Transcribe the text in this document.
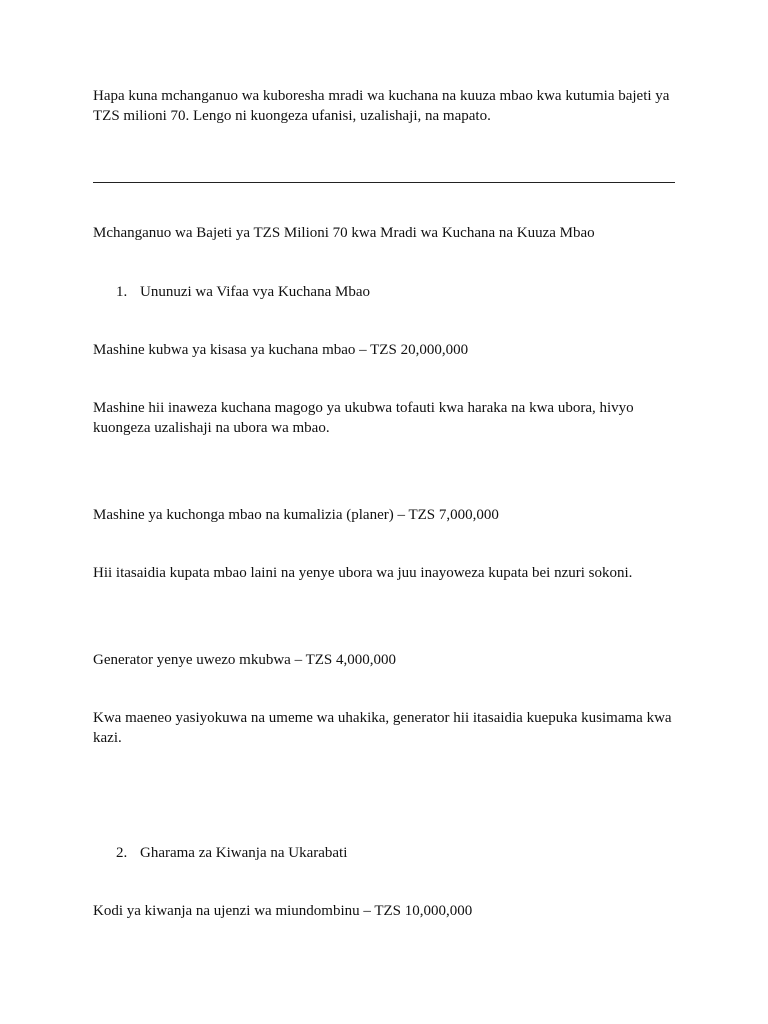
Hapa kuna mchanganuo wa kuboresha mradi wa kuchana na kuuza mbao kwa kutumia bajeti ya TZS milioni 70. Lengo ni kuongeza ufanisi, uzalishaji, na mapato.

Mchanganuo wa Bajeti ya TZS Milioni 70 kwa Mradi wa Kuchana na Kuuza Mbao

1. Ununuzi wa Vifaa vya Kuchana Mbao

Mashine kubwa ya kisasa ya kuchana mbao – TZS 20,000,000

Mashine hii inaweza kuchana magogo ya ukubwa tofauti kwa haraka na kwa ubora, hivyo kuongeza uzalishaji na ubora wa mbao.

Mashine ya kuchonga mbao na kumalizia (planer) – TZS 7,000,000

Hii itasaidia kupata mbao laini na yenye ubora wa juu inayoweza kupata bei nzuri sokoni.

Generator yenye uwezo mkubwa – TZS 4,000,000

Kwa maeneo yasiyokuwa na umeme wa uhakika, generator hii itasaidia kuepuka kusimama kwa kazi.

2. Gharama za Kiwanja na Ukarabati

Kodi ya kiwanja na ujenzi wa miundombinu – TZS 10,000,000
